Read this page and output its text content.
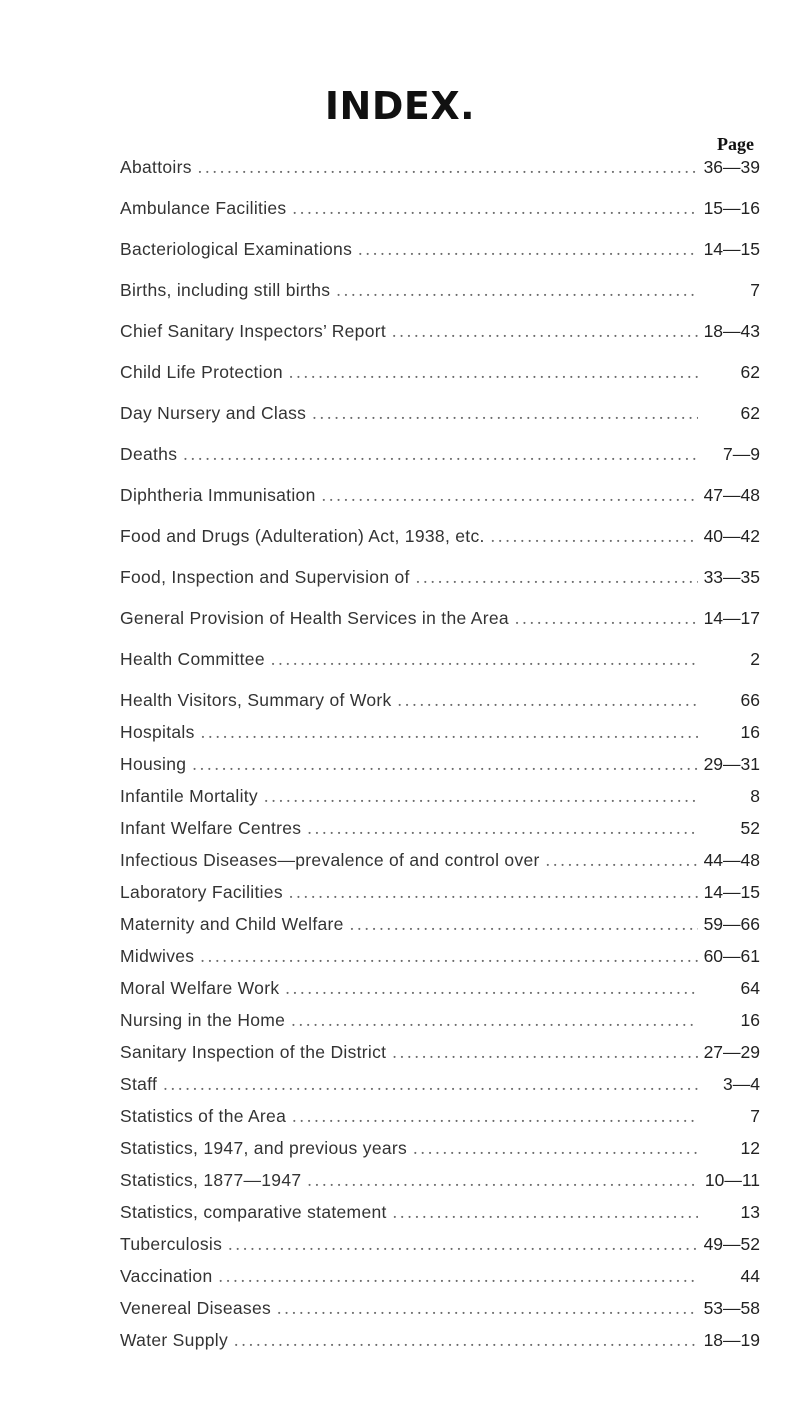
INDEX.
Page
Abattoirs .....	36—39
Ambulance Facilities .....	15—16
Bacteriological Examinations .....	14—15
Births, including still births .....	7
Chief Sanitary Inspectors’ Report .....	18—43
Child Life Protection .....	62
Day Nursery and Class .....	62
Deaths .....	7—9
Diphtheria Immunisation .....	47—48
Food and Drugs (Adulteration) Act, 1938, etc. .....	40—42
Food, Inspection and Supervision of .....	33—35
General Provision of Health Services in the Area .....	14—17
Health Committee .....	2
Health Visitors, Summary of Work .....	66
Hospitals .....	16
Housing .....	29—31
Infantile Mortality .....	8
Infant Welfare Centres .....	52
Infectious Diseases—prevalence of and control over .....	44—48
Laboratory Facilities .....	14—15
Maternity and Child Welfare .....	59—66
Midwives .....	60—61
Moral Welfare Work .....	64
Nursing in the Home .....	16
Sanitary Inspection of the District .....	27—29
Staff .....	3—4
Statistics of the Area .....	7
Statistics, 1947, and previous years .....	12
Statistics, 1877—1947 .....	10—11
Statistics, comparative statement .....	13
Tuberculosis .....	49—52
Vaccination .....	44
Venereal Diseases .....	53—58
Water Supply .....	18—19
